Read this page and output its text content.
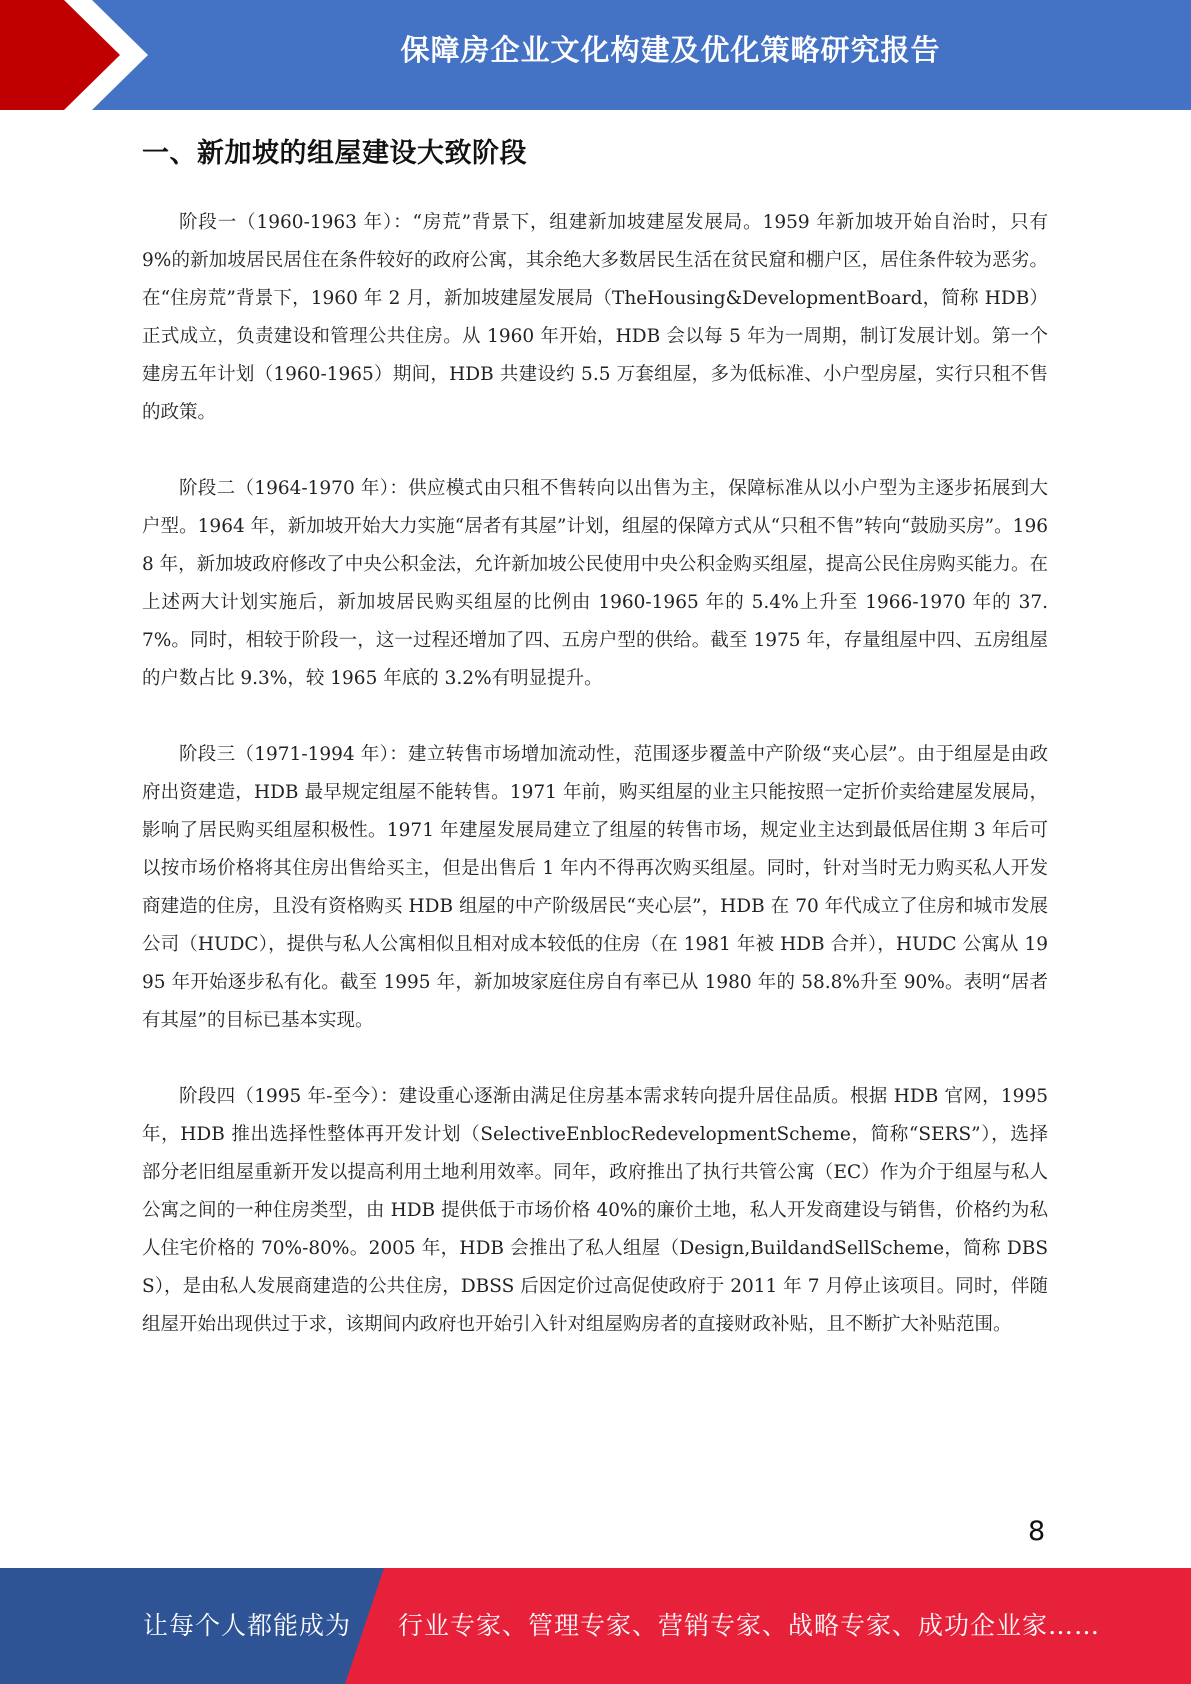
保障房企业文化构建及优化策略研究报告
一、新加坡的组屋建设大致阶段

阶段一（1960-1963 年）：“房荒”背景下，组建新加坡建屋发展局。1959 年新加坡开始自治时，只有 9%的新加坡居民居住在条件较好的政府公寓，其余绝大多数居民生活在贫民窟和棚户区，居住条件较为恶劣。在“住房荒”背景下，1960 年 2 月，新加坡建屋发展局（TheHousing&DevelopmentBoard，简称 HDB）正式成立，负责建设和管理公共住房。从 1960 年开始，HDB 会以每 5 年为一周期，制订发展计划。第一个建房五年计划（1960-1965）期间，HDB 共建设约 5.5 万套组屋，多为低标准、小户型房屋，实行只租不售的政策。

阶段二（1964-1970 年）：供应模式由只租不售转向以出售为主，保障标准从以小户型为主逐步拓展到大户型。1964 年，新加坡开始大力实施“居者有其屋”计划，组屋的保障方式从“只租不售”转向“鼓励买房”。1968 年，新加坡政府修改了中央公积金法，允许新加坡公民使用中央公积金购买组屋，提高公民住房购买能力。在上述两大计划实施后，新加坡居民购买组屋的比例由 1960-1965 年的 5.4%上升至 1966-1970 年的 37.7%。同时，相较于阶段一，这一过程还增加了四、五房户型的供给。截至 1975 年，存量组屋中四、五房组屋的户数占比 9.3%，较 1965 年底的 3.2%有明显提升。

阶段三（1971-1994 年）：建立转售市场增加流动性，范围逐步覆盖中产阶级“夹心层”。由于组屋是由政府出资建造，HDB 最早规定组屋不能转售。1971 年前，购买组屋的业主只能按照一定折价卖给建屋发展局，影响了居民购买组屋积极性。1971 年建屋发展局建立了组屋的转售市场，规定业主达到最低居住期 3 年后可以按市场价格将其住房出售给买主，但是出售后 1 年内不得再次购买组屋。同时，针对当时无力购买私人开发商建造的住房，且没有资格购买 HDB 组屋的中产阶级居民“夹心层”，HDB 在 70 年代成立了住房和城市发展公司（HUDC），提供与私人公寓相似且相对成本较低的住房（在 1981 年被 HDB 合并），HUDC 公寓从 1995 年开始逐步私有化。截至 1995 年，新加坡家庭住房自有率已从 1980 年的 58.8%升至 90%。表明“居者有其屋”的目标已基本实现。

阶段四（1995 年-至今）：建设重心逐渐由满足住房基本需求转向提升居住品质。根据 HDB 官网，1995 年，HDB 推出选择性整体再开发计划（SelectiveEnblocRedevelopmentScheme，简称“SERS”），选择部分老旧组屋重新开发以提高利用土地利用效率。同年，政府推出了执行共管公寓（EC）作为介于组屋与私人公寓之间的一种住房类型，由 HDB 提供低于市场价格 40%的廉价土地，私人开发商建设与销售，价格约为私人住宅价格的 70%-80%。2005 年，HDB 会推出了私人组屋（Design,BuildandSellScheme，简称 DBSS），是由私人发展商建造的公共住房，DBSS 后因定价过高促使政府于 2011 年 7 月停止该项目。同时，伴随组屋开始出现供过于求，该期间内政府也开始引入针对组屋购房者的直接财政补贴，且不断扩大补贴范围。

8
让每个人都能成为 行业专家、管理专家、营销专家、战略专家、成功企业家……
